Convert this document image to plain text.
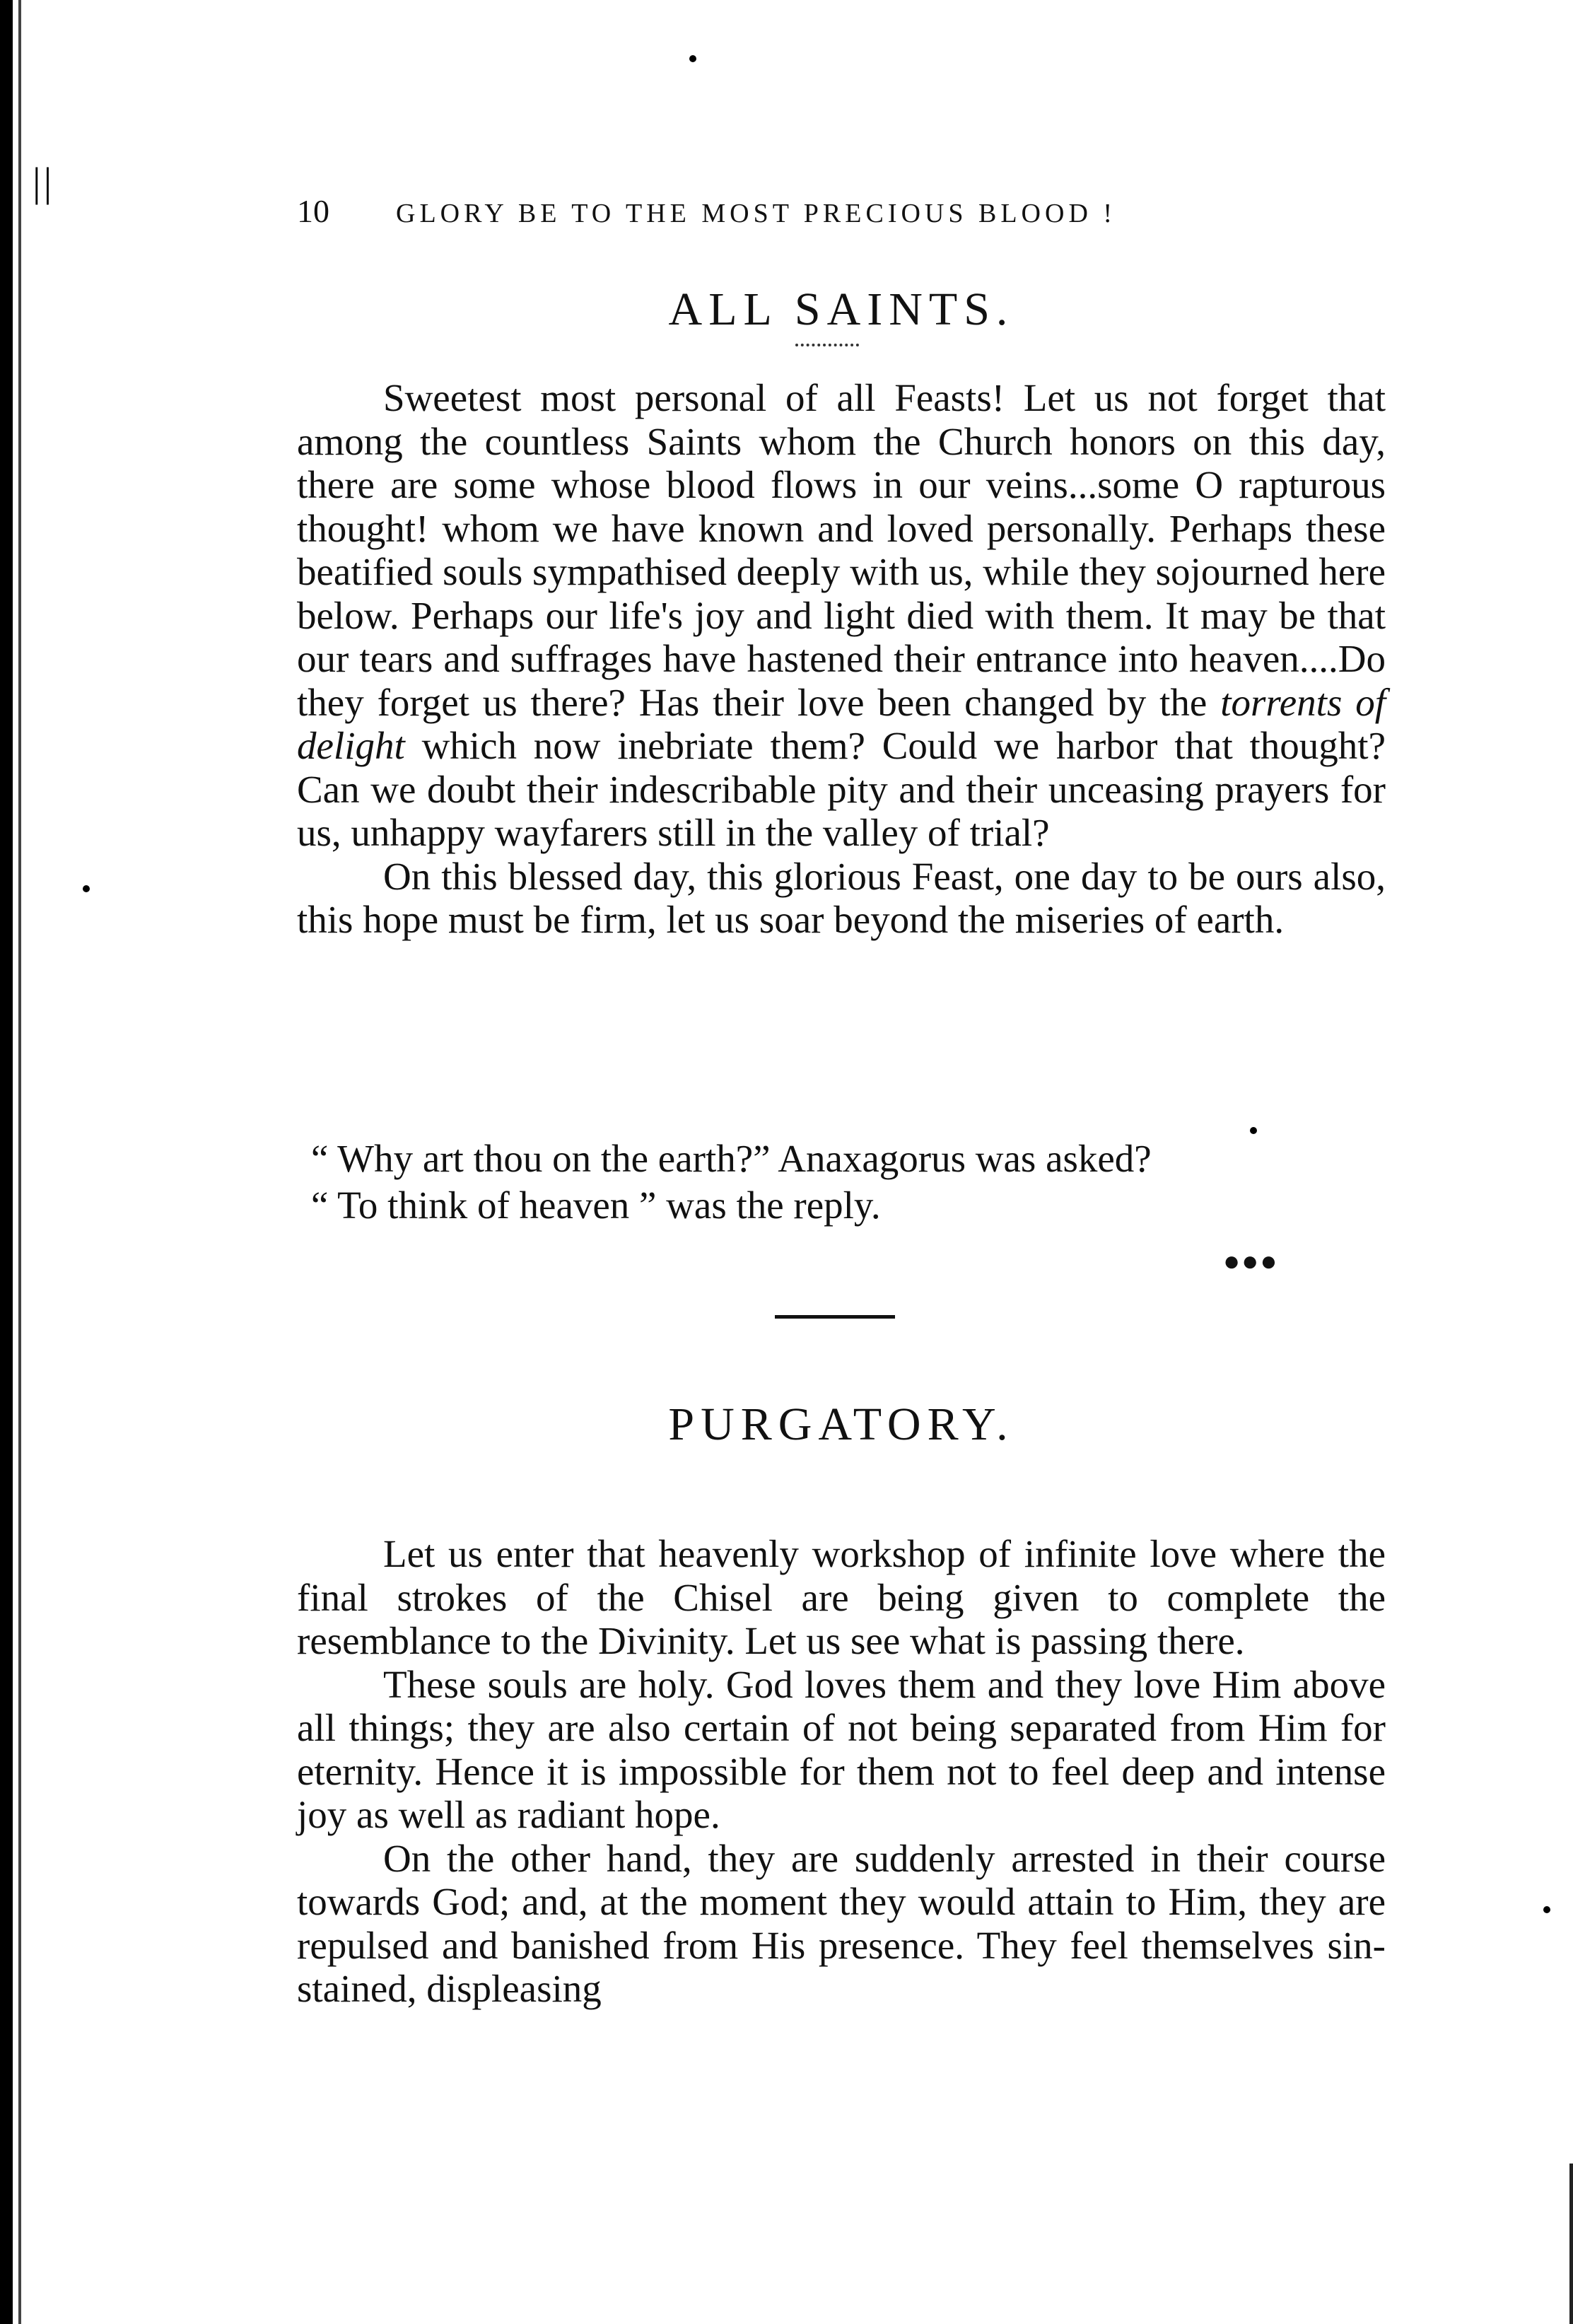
||
10	GLORY BE TO THE MOST PRECIOUS BLOOD !
ALL SAINTS.

Sweetest most personal of all Feasts! Let us not forget that among the countless Saints whom the Church honors on this day, there are some whose blood flows in our veins...some O rapturous thought! whom we have known and loved personally. Perhaps these beatified souls sympathised deeply with us, while they sojourned here below. Perhaps our life's joy and light died with them. It may be that our tears and suffrages have hastened their entrance into heaven....Do they forget us there? Has their love been changed by the torrents of delight which now inebriate them? Could we harbor that thought? Can we doubt their indescribable pity and their unceasing prayers for us, unhappy wayfarers still in the valley of trial?

On this blessed day, this glorious Feast, one day to be ours also, this hope must be firm, let us soar beyond the miseries of earth.

“ Why art thou on the earth?” Anaxagorus was asked?

“ To think of heaven ” was the reply.

●●●
PURGATORY.

Let us enter that heavenly workshop of infinite love where the final strokes of the Chisel are being given to complete the resemblance to the Divinity. Let us see what is passing there.

These souls are holy. God loves them and they love Him above all things; they are also certain of not being separated from Him for eternity. Hence it is impossible for them not to feel deep and intense joy as well as radiant hope.

On the other hand, they are suddenly arrested in their course towards God; and, at the moment they would attain to Him, they are repulsed and banished from His presence. They feel themselves sin-stained, displeasing
